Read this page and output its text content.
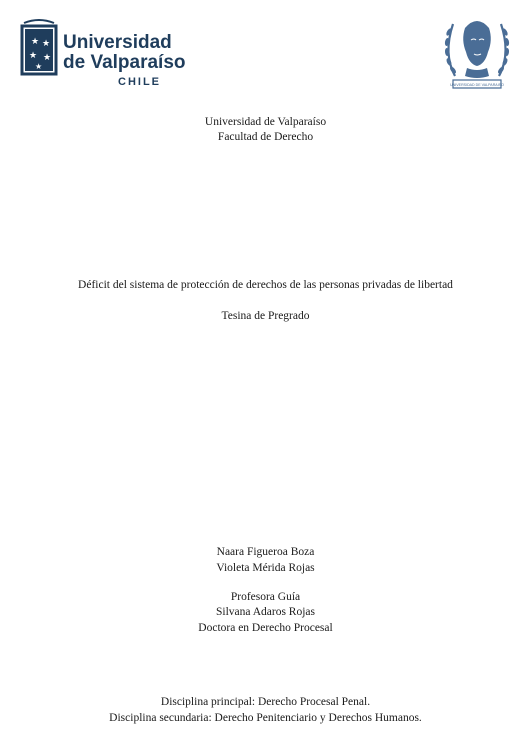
★ ★
★ ★
★
Universidad
de Valparaíso
CHILE	UNIVERSIDAD DE VALPARAISO
Universidad de Valparaíso
Facultad de Derecho
Déficit del sistema de protección de derechos de las personas privadas de libertad
Tesina de Pregrado
Naara Figueroa Boza
Violeta Mérida Rojas
Profesora Guía
Silvana Adaros Rojas
Doctora en Derecho Procesal
Disciplina principal: Derecho Procesal Penal.
Disciplina secundaria: Derecho Penitenciario y Derechos Humanos.
